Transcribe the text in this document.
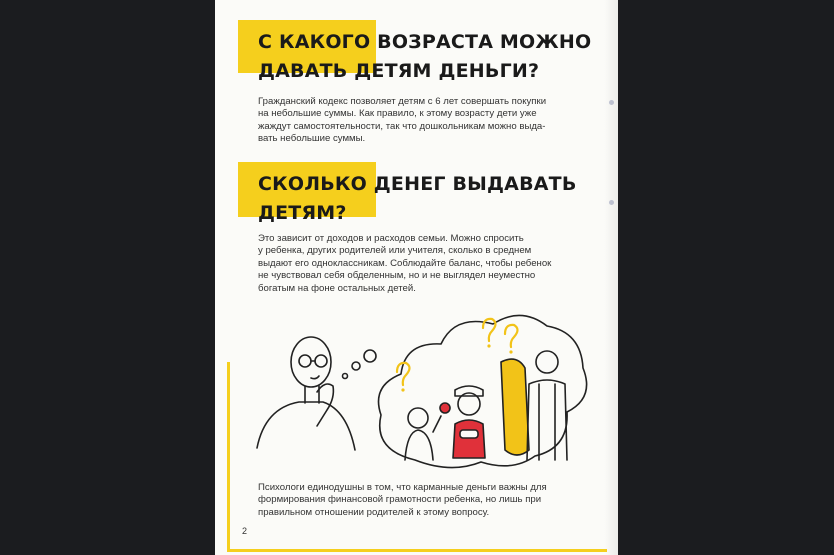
С КАКОГО ВОЗРАСТА МОЖНО
ДАВАТЬ ДЕТЯМ ДЕНЬГИ?

Гражданский кодекс позволяет детям с 6 лет совершать покупки
на небольшие суммы. Как правило, к этому возрасту дети уже
жаждут самостоятельности, так что дошкольникам можно выда-
вать небольшие суммы.

СКОЛЬКО ДЕНЕГ ВЫДАВАТЬ
ДЕТЯМ?

Это зависит от доходов и расходов семьи. Можно спросить
у ребенка, других родителей или учителя, сколько в среднем
выдают его одноклассникам. Соблюдайте баланс, чтобы ребенок
не чувствовал себя обделенным, но и не выглядел неуместно
богатым на фоне остальных детей.

Психологи единодушны в том, что карманные деньги важны для
формирования финансовой грамотности ребенка, но лишь при
правильном отношении родителей к этому вопросу.

2
